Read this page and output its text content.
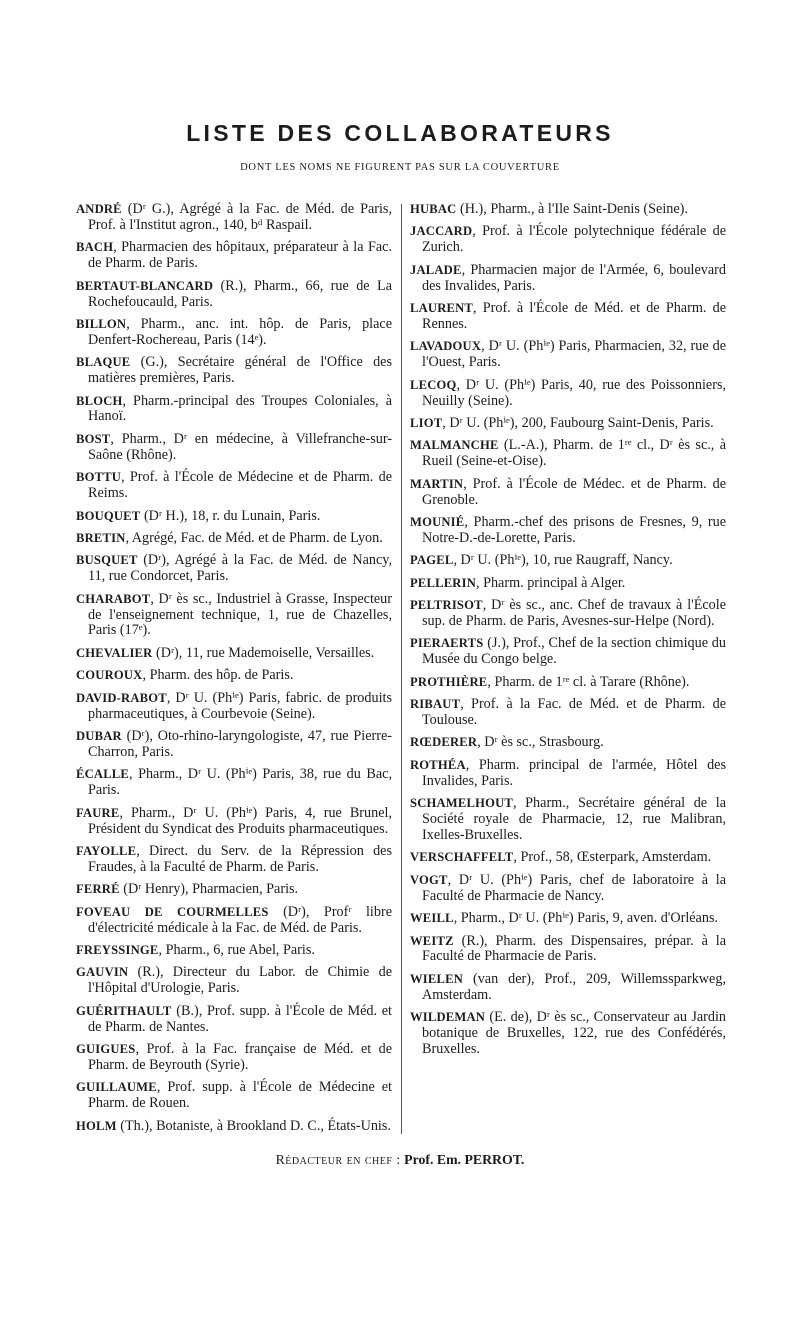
LISTE DES COLLABORATEURS

DONT LES NOMS NE FIGURENT PAS SUR LA COUVERTURE

ANDRÉ (Dʳ G.), Agrégé à la Fac. de Méd. de Paris, Prof. à l'Institut agron., 140, bᵈ Raspail.

BACH, Pharmacien des hôpitaux, préparateur à la Fac. de Pharm. de Paris.

BERTAUT-BLANCARD (R.), Pharm., 66, rue de La Rochefoucauld, Paris.

BILLON, Pharm., anc. int. hôp. de Paris, place Denfert-Rochereau, Paris (14ᵉ).

BLAQUE (G.), Secrétaire général de l'Office des matières premières, Paris.

BLOCH, Pharm.-principal des Troupes Coloniales, à Hanoï.

BOST, Pharm., Dʳ en médecine, à Villefranche-sur-Saône (Rhône).

BOTTU, Prof. à l'École de Médecine et de Pharm. de Reims.

BOUQUET (Dʳ H.), 18, r. du Lunain, Paris.

BRETIN, Agrégé, Fac. de Méd. et de Pharm. de Lyon.

BUSQUET (Dʳ), Agrégé à la Fac. de Méd. de Nancy, 11, rue Condorcet, Paris.

CHARABOT, Dʳ ès sc., Industriel à Grasse, Inspecteur de l'enseignement technique, 1, rue de Chazelles, Paris (17ᵉ).

CHEVALIER (Dʳ), 11, rue Mademoiselle, Versailles.

COUROUX, Pharm. des hôp. de Paris.

DAVID-RABOT, Dʳ U. (Phⁱᵉ) Paris, fabric. de produits pharmaceutiques, à Courbevoie (Seine).

DUBAR (Dʳ), Oto-rhino-laryngologiste, 47, rue Pierre-Charron, Paris.

ÉCALLE, Pharm., Dʳ U. (Phⁱᵉ) Paris, 38, rue du Bac, Paris.

FAURE, Pharm., Dʳ U. (Phⁱᵉ) Paris, 4, rue Brunel, Président du Syndicat des Produits pharmaceutiques.

FAYOLLE, Direct. du Serv. de la Répression des Fraudes, à la Faculté de Pharm. de Paris.

FERRÉ (Dʳ Henry), Pharmacien, Paris.

FOVEAU DE COURMELLES (Dʳ), Profʳ libre d'électricité médicale à la Fac. de Méd. de Paris.

FREYSSINGE, Pharm., 6, rue Abel, Paris.

GAUVIN (R.), Directeur du Labor. de Chimie de l'Hôpital d'Urologie, Paris.

GUÉRITHAULT (B.), Prof. supp. à l'École de Méd. et de Pharm. de Nantes.

GUIGUES, Prof. à la Fac. française de Méd. et de Pharm. de Beyrouth (Syrie).

GUILLAUME, Prof. supp. à l'École de Médecine et Pharm. de Rouen.

HOLM (Th.), Botaniste, à Brookland D. C., États-Unis.

HUBAC (H.), Pharm., à l'Ile Saint-Denis (Seine).

JACCARD, Prof. à l'École polytechnique fédérale de Zurich.

JALADE, Pharmacien major de l'Armée, 6, boulevard des Invalides, Paris.

LAURENT, Prof. à l'École de Méd. et de Pharm. de Rennes.

LAVADOUX, Dʳ U. (Phⁱᵉ) Paris, Pharmacien, 32, rue de l'Ouest, Paris.

LECOQ, Dʳ U. (Phⁱᵉ) Paris, 40, rue des Poissonniers, Neuilly (Seine).

LIOT, Dʳ U. (Phⁱᵉ), 200, Faubourg Saint-Denis, Paris.

MALMANCHE (L.-A.), Pharm. de 1ʳᵉ cl., Dʳ ès sc., à Rueil (Seine-et-Oise).

MARTIN, Prof. à l'École de Médec. et de Pharm. de Grenoble.

MOUNIÉ, Pharm.-chef des prisons de Fresnes, 9, rue Notre-D.-de-Lorette, Paris.

PAGEL, Dʳ U. (Phⁱᵉ), 10, rue Raugraff, Nancy.

PELLERIN, Pharm. principal à Alger.

PELTRISOT, Dʳ ès sc., anc. Chef de travaux à l'École sup. de Pharm. de Paris, Avesnes-sur-Helpe (Nord).

PIERAERTS (J.), Prof., Chef de la section chimique du Musée du Congo belge.

PROTHIÈRE, Pharm. de 1ʳᵉ cl. à Tarare (Rhône).

RIBAUT, Prof. à la Fac. de Méd. et de Pharm. de Toulouse.

RŒDERER, Dʳ ès sc., Strasbourg.

ROTHÉA, Pharm. principal de l'armée, Hôtel des Invalides, Paris.

SCHAMELHOUT, Pharm., Secrétaire général de la Société royale de Pharmacie, 12, rue Malibran, Ixelles-Bruxelles.

VERSCHAFFELT, Prof., 58, Œsterpark, Amsterdam.

VOGT, Dʳ U. (Phⁱᵉ) Paris, chef de laboratoire à la Faculté de Pharmacie de Nancy.

WEILL, Pharm., Dʳ U. (Phⁱᵉ) Paris, 9, aven. d'Orléans.

WEITZ (R.), Pharm. des Dispensaires, prépar. à la Faculté de Pharmacie de Paris.

WIELEN (van der), Prof., 209, Willemssparkweg, Amsterdam.

WILDEMAN (E. de), Dʳ ès sc., Conservateur au Jardin botanique de Bruxelles, 122, rue des Confédérés, Bruxelles.

Rédacteur en chef : Prof. Em. PERROT.
